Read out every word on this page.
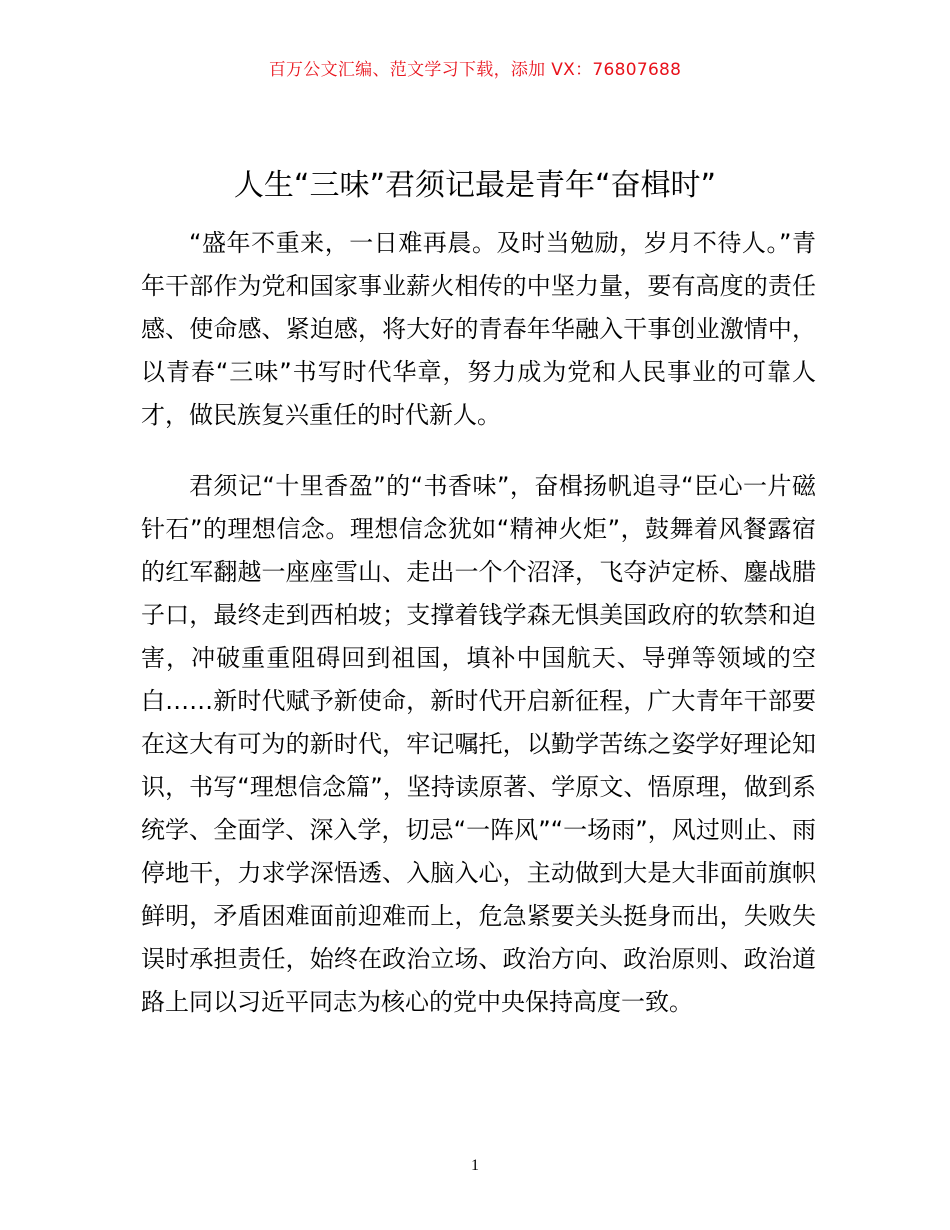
百万公文汇编、范文学习下载，添加 VX：76807688
人生“三味”君须记最是青年“奋楫时”

“盛年不重来，一日难再晨。及时当勉励，岁月不待人。”青年干部作为党和国家事业薪火相传的中坚力量，要有高度的责任感、使命感、紧迫感，将大好的青春年华融入干事创业激情中，以青春“三味”书写时代华章，努力成为党和人民事业的可靠人才，做民族复兴重任的时代新人。

君须记“十里香盈”的“书香味”，奋楫扬帆追寻“臣心一片磁针石”的理想信念。理想信念犹如“精神火炬”，鼓舞着风餐露宿的红军翻越一座座雪山、走出一个个沼泽，飞夺泸定桥、鏖战腊子口，最终走到西柏坡；支撑着钱学森无惧美国政府的软禁和迫害，冲破重重阻碍回到祖国，填补中国航天、导弹等领域的空白……新时代赋予新使命，新时代开启新征程，广大青年干部要在这大有可为的新时代，牢记嘱托，以勤学苦练之姿学好理论知识，书写“理想信念篇”，坚持读原著、学原文、悟原理，做到系统学、全面学、深入学，切忌“一阵风”“一场雨”，风过则止、雨停地干，力求学深悟透、入脑入心，主动做到大是大非面前旗帜鲜明，矛盾困难面前迎难而上，危急紧要关头挺身而出，失败失误时承担责任，始终在政治立场、政治方向、政治原则、政治道路上同以习近平同志为核心的党中央保持高度一致。

1
